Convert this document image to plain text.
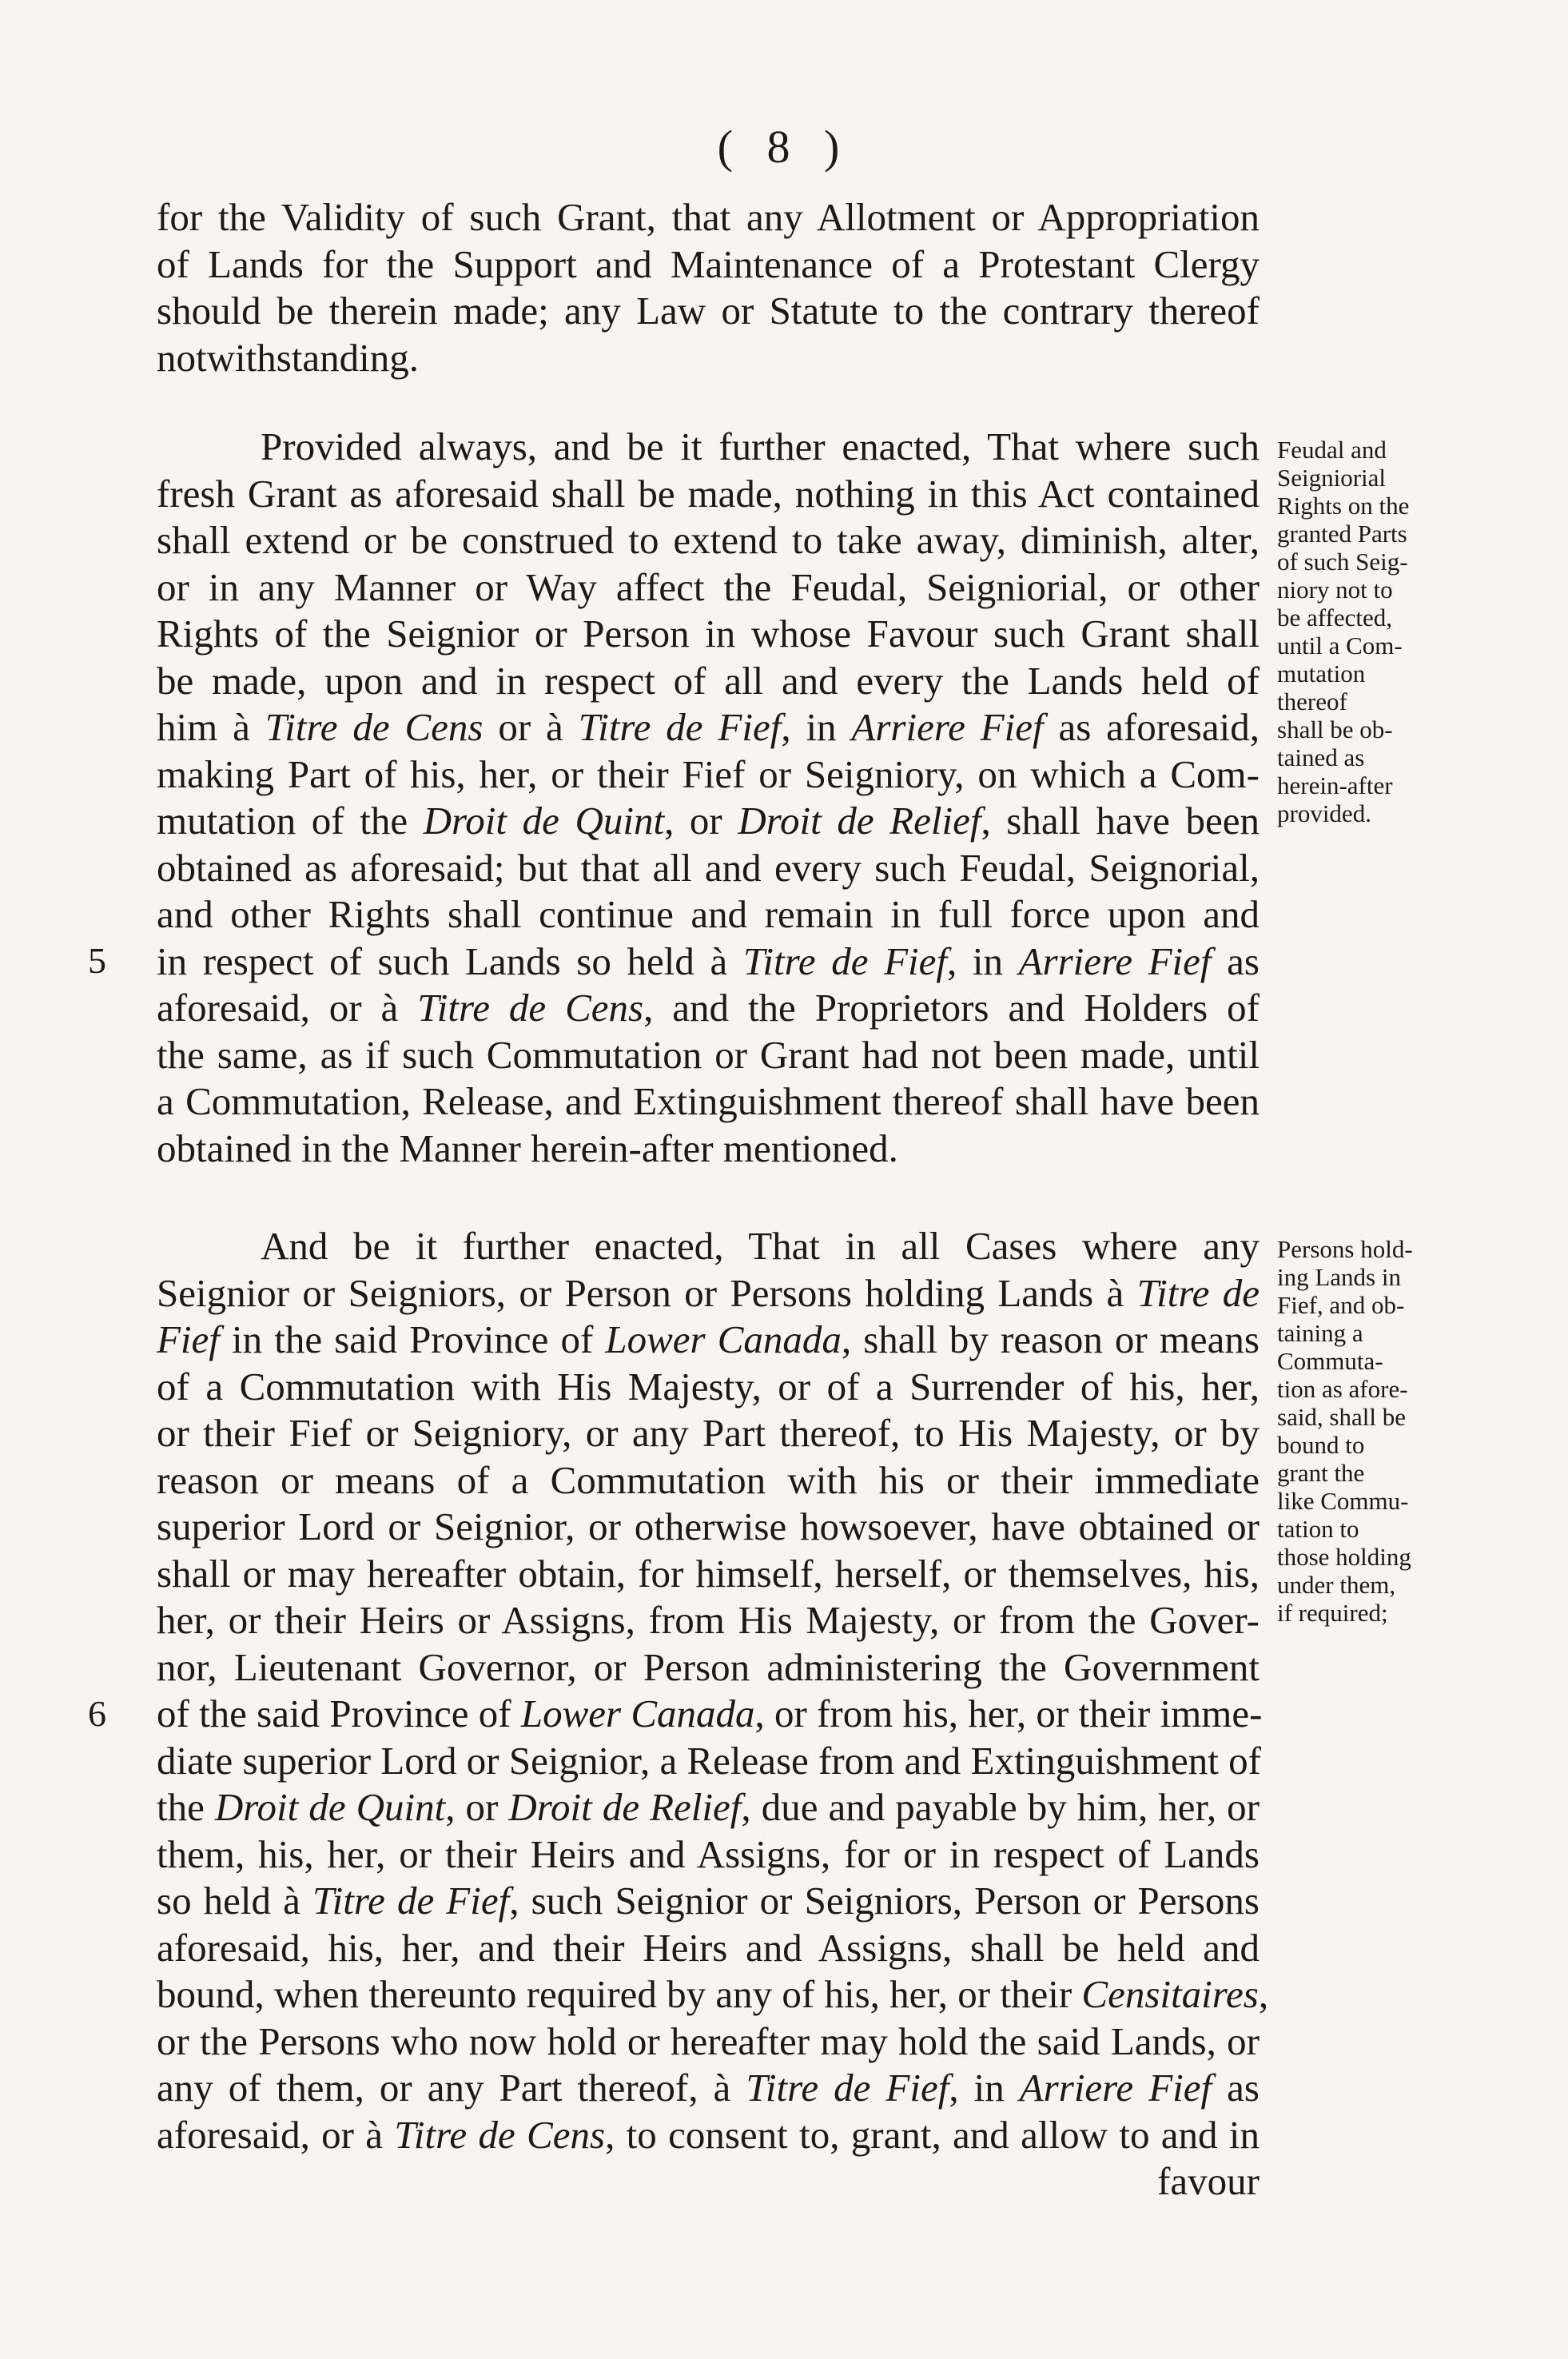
( 8 )
for the Validity of such Grant, that any Allotment or Appropriation
of Lands for the Support and Maintenance of a Protestant Clergy
should be therein made; any Law or Statute to the contrary thereof
notwithstanding.
Provided always, and be it further enacted, That where such
fresh Grant as aforesaid shall be made, nothing in this Act contained
shall extend or be construed to extend to take away, diminish, alter,
or in any Manner or Way affect the Feudal, Seigniorial, or other
Rights of the Seignior or Person in whose Favour such Grant shall
be made, upon and in respect of all and every the Lands held of
him à Titre de Cens or à Titre de Fief, in Arriere Fief as aforesaid,
making Part of his, her, or their Fief or Seigniory, on which a Com-
mutation of the Droit de Quint, or Droit de Relief, shall have been
obtained as aforesaid; but that all and every such Feudal, Seignorial,
and other Rights shall continue and remain in full force upon and
in respect of such Lands so held à Titre de Fief, in Arriere Fief as
aforesaid, or à Titre de Cens, and the Proprietors and Holders of
the same, as if such Commutation or Grant had not been made, until
a Commutation, Release, and Extinguishment thereof shall have been
obtained in the Manner herein-after mentioned.
And be it further enacted, That in all Cases where any
Seignior or Seigniors, or Person or Persons holding Lands à Titre de
Fief in the said Province of Lower Canada, shall by reason or means
of a Commutation with His Majesty, or of a Surrender of his, her,
or their Fief or Seigniory, or any Part thereof, to His Majesty, or by
reason or means of a Commutation with his or their immediate
superior Lord or Seignior, or otherwise howsoever, have obtained or
shall or may hereafter obtain, for himself, herself, or themselves, his,
her, or their Heirs or Assigns, from His Majesty, or from the Gover-
nor, Lieutenant Governor, or Person administering the Government
of the said Province of Lower Canada, or from his, her, or their imme-
diate superior Lord or Seignior, a Release from and Extinguishment of
the Droit de Quint, or Droit de Relief, due and payable by him, her, or
them, his, her, or their Heirs and Assigns, for or in respect of Lands
so held à Titre de Fief, such Seignior or Seigniors, Person or Persons
aforesaid, his, her, and their Heirs and Assigns, shall be held and
bound, when thereunto required by any of his, her, or their Censitaires,
or the Persons who now hold or hereafter may hold the said Lands, or
any of them, or any Part thereof, à Titre de Fief, in Arriere Fief as
aforesaid, or à Titre de Cens, to consent to, grant, and allow to and in
favour
Feudal and
Seigniorial
Rights on the
granted Parts
of such Seig-
niory not to
be affected,
until a Com-
mutation
thereof
shall be ob-
tained as
herein-after
provided.
Persons hold-
ing Lands in
Fief, and ob-
taining a
Commuta-
tion as afore-
said, shall be
bound to
grant the
like Commu-
tation to
those holding
under them,
if required;
5
6
